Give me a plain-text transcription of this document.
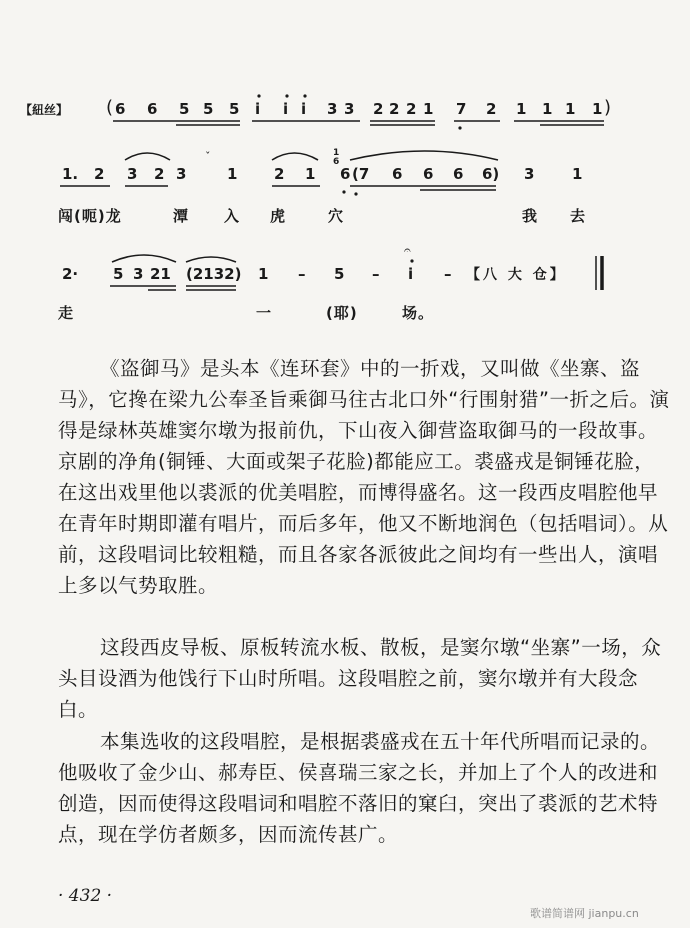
【紐丝】 ( 6 6 5 5 5 i i i 3 3 2 2 2 1 7 2 1 1 1 1 )
1. 2 3 2 3
ˇ
1 2 1
1
6
6 (7 6 6 6 6) 3	1
闯(呃)龙	潭 入 虎	穴	我 去
2· 5 3 21 (2132) 1 – 5 –
𝄐
i – 【八 大 仓】
走	一	(耶)	场。

《盗御马》是头本《连环套》中的一折戏，又叫做《坐寨、盗马》，它搀在梁九公奉圣旨乘御马往古北口外“行围射猎”一折之后。演得是绿林英雄窦尔墩为报前仇，下山夜入御营盗取御马的一段故事。京剧的净角(铜锤、大面或架子花脸)都能应工。裘盛戎是铜锤花脸，在这出戏里他以裘派的优美唱腔，而博得盛名。这一段西皮唱腔他早在青年时期即灌有唱片，而后多年，他又不断地润色（包括唱词）。从前，这段唱词比较粗糙，而且各家各派彼此之间均有一些出人，演唱上多以气势取胜。

这段西皮导板、原板转流水板、散板，是窦尔墩“坐寨”一场，众头目设酒为他饯行下山时所唱。这段唱腔之前，窦尔墩并有大段念白。

本集选收的这段唱腔，是根据裘盛戎在五十年代所唱而记录的。他吸收了金少山、郝寿臣、侯喜瑞三家之长，并加上了个人的改进和创造，因而使得这段唱词和唱腔不落旧的窠臼，突出了裘派的艺术特点，现在学仿者颇多，因而流传甚广。

· 432 ·
歌谱简谱网 jianpu.cn
